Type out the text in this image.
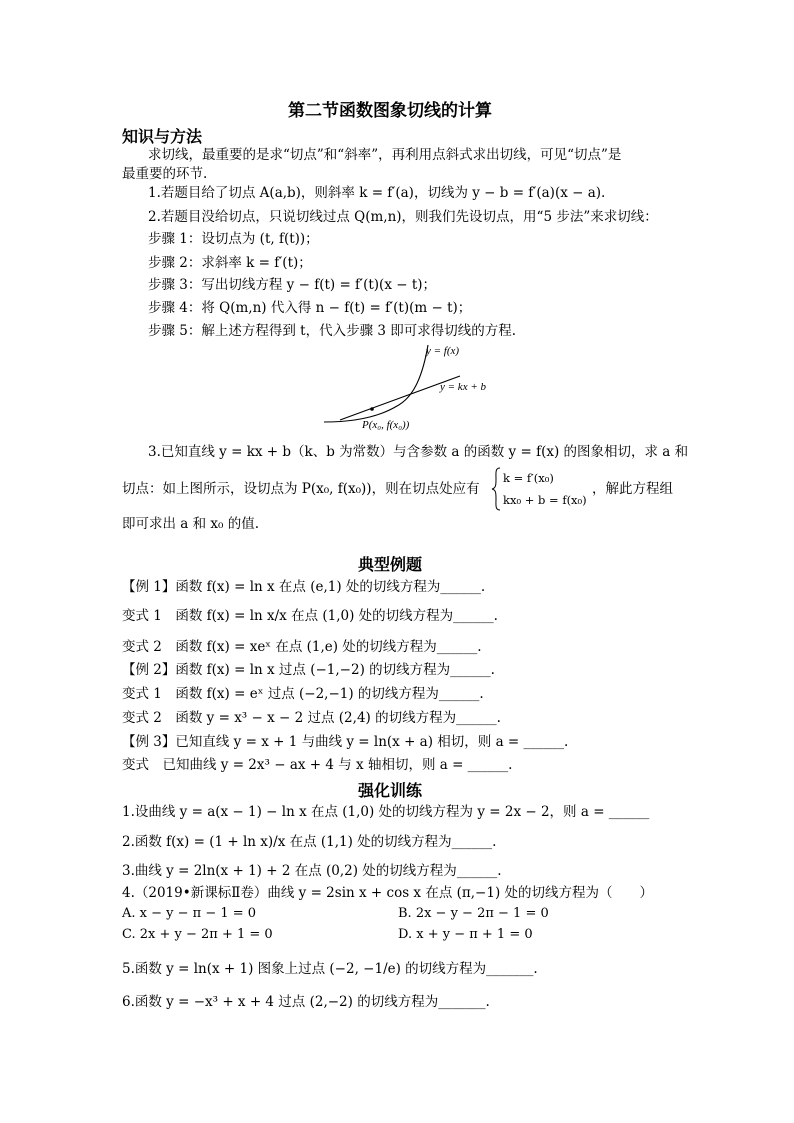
第二节函数图象切线的计算
知识与方法
求切线，最重要的是求“切点”和“斜率”，再利用点斜式求出切线，可见“切点”是
最重要的环节.
1.若题目给了切点 A(a,b)，则斜率 k = f′(a)，切线为 y − b = f′(a)(x − a).
2.若题目没给切点，只说切线过点 Q(m,n)，则我们先设切点，用“5 步法”来求切线：
步骤 1：设切点为 (t, f(t))；
步骤 2：求斜率 k = f′(t)；
步骤 3：写出切线方程 y − f(t) = f′(t)(x − t)；
步骤 4：将 Q(m,n) 代入得 n − f(t) = f′(t)(m − t)；
步骤 5：解上述方程得到 t，代入步骤 3 即可求得切线的方程.
y = f(x)
y = kx + b
P(x₀, f(x₀))
3.已知直线 y = kx + b（k、b 为常数）与含参数 a 的函数 y = f(x) 的图象相切，求 a 和
切点：如上图所示，设切点为 P(x₀, f(x₀))，则在切点处应有
k = f′(x₀)
kx₀ + b = f(x₀)
，解此方程组
即可求出 a 和 x₀ 的值.
典型例题
【例 1】函数 f(x) = ln x 在点 (e,1) 处的切线方程为______.
变式 1　函数 f(x) = ln x/x 在点 (1,0) 处的切线方程为______.
变式 2　函数 f(x) = xeˣ 在点 (1,e) 处的切线方程为______.
【例 2】函数 f(x) = ln x 过点 (−1,−2) 的切线方程为______.
变式 1　函数 f(x) = eˣ 过点 (−2,−1) 的切线方程为______.
变式 2　函数 y = x³ − x − 2 过点 (2,4) 的切线方程为______.
【例 3】已知直线 y = x + 1 与曲线 y = ln(x + a) 相切，则 a = ______.
变式　已知曲线 y = 2x³ − ax + 4 与 x 轴相切，则 a = ______.
强化训练
1.设曲线 y = a(x − 1) − ln x 在点 (1,0) 处的切线方程为 y = 2x − 2，则 a = ______
2.函数 f(x) = (1 + ln x)/x 在点 (1,1) 处的切线方程为______.
3.曲线 y = 2ln(x + 1) + 2 在点 (0,2) 处的切线方程为______.
4.（2019•新课标Ⅱ卷）曲线 y = 2sin x + cos x 在点 (π,−1) 处的切线方程为（　　）
A. x − y − π − 1 = 0	B. 2x − y − 2π − 1 = 0
C. 2x + y − 2π + 1 = 0	D. x + y − π + 1 = 0
5.函数 y = ln(x + 1) 图象上过点 (−2, −1/e) 的切线方程为_______.
6.函数 y = −x³ + x + 4 过点 (2,−2) 的切线方程为_______.
